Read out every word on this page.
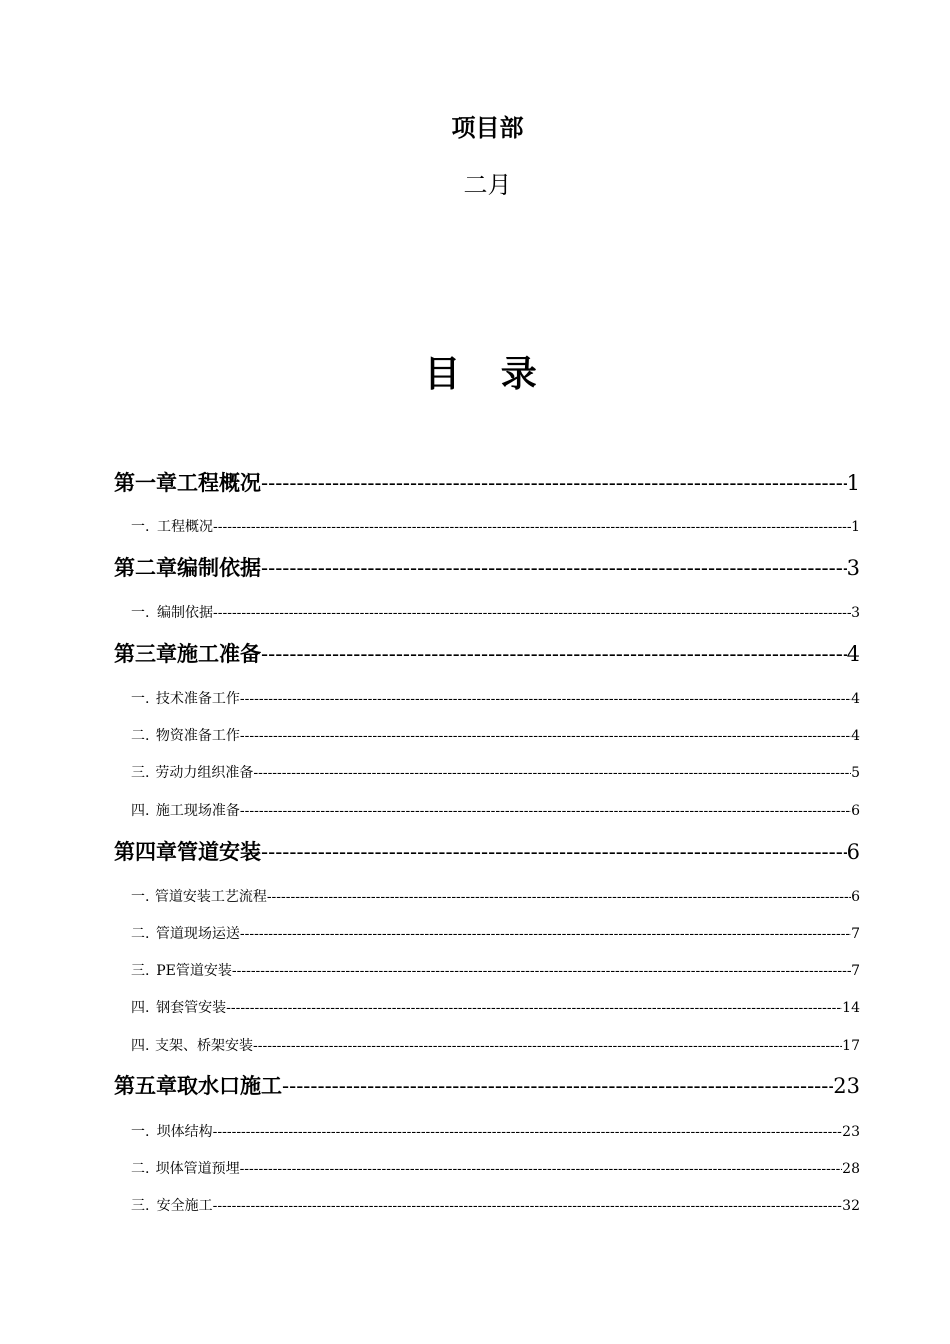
项目部
二月
目 录
第一章 工程概况 -----	1
一. 工程概况 -----	1
第二章 编制依据 -----	3
一. 编制依据 -----	3
第三章 施工准备 -----	4
一. 技术准备工作 -----	4
二. 物资准备工作 -----	4
三. 劳动力组织准备 -----	5
四. 施工现场准备 -----	6
第四章 管道安装 -----	6
一. 管道安装工艺流程 -----	6
二. 管道现场运送 -----	7
三. PE管道安装 -----	7
四. 钢套管安装 -----	14
四. 支架、桥架安装 -----	17
第五章 取水口施工 -----	23
一. 坝体结构 -----	23
二. 坝体管道预埋 -----	28
三. 安全施工 -----	32
